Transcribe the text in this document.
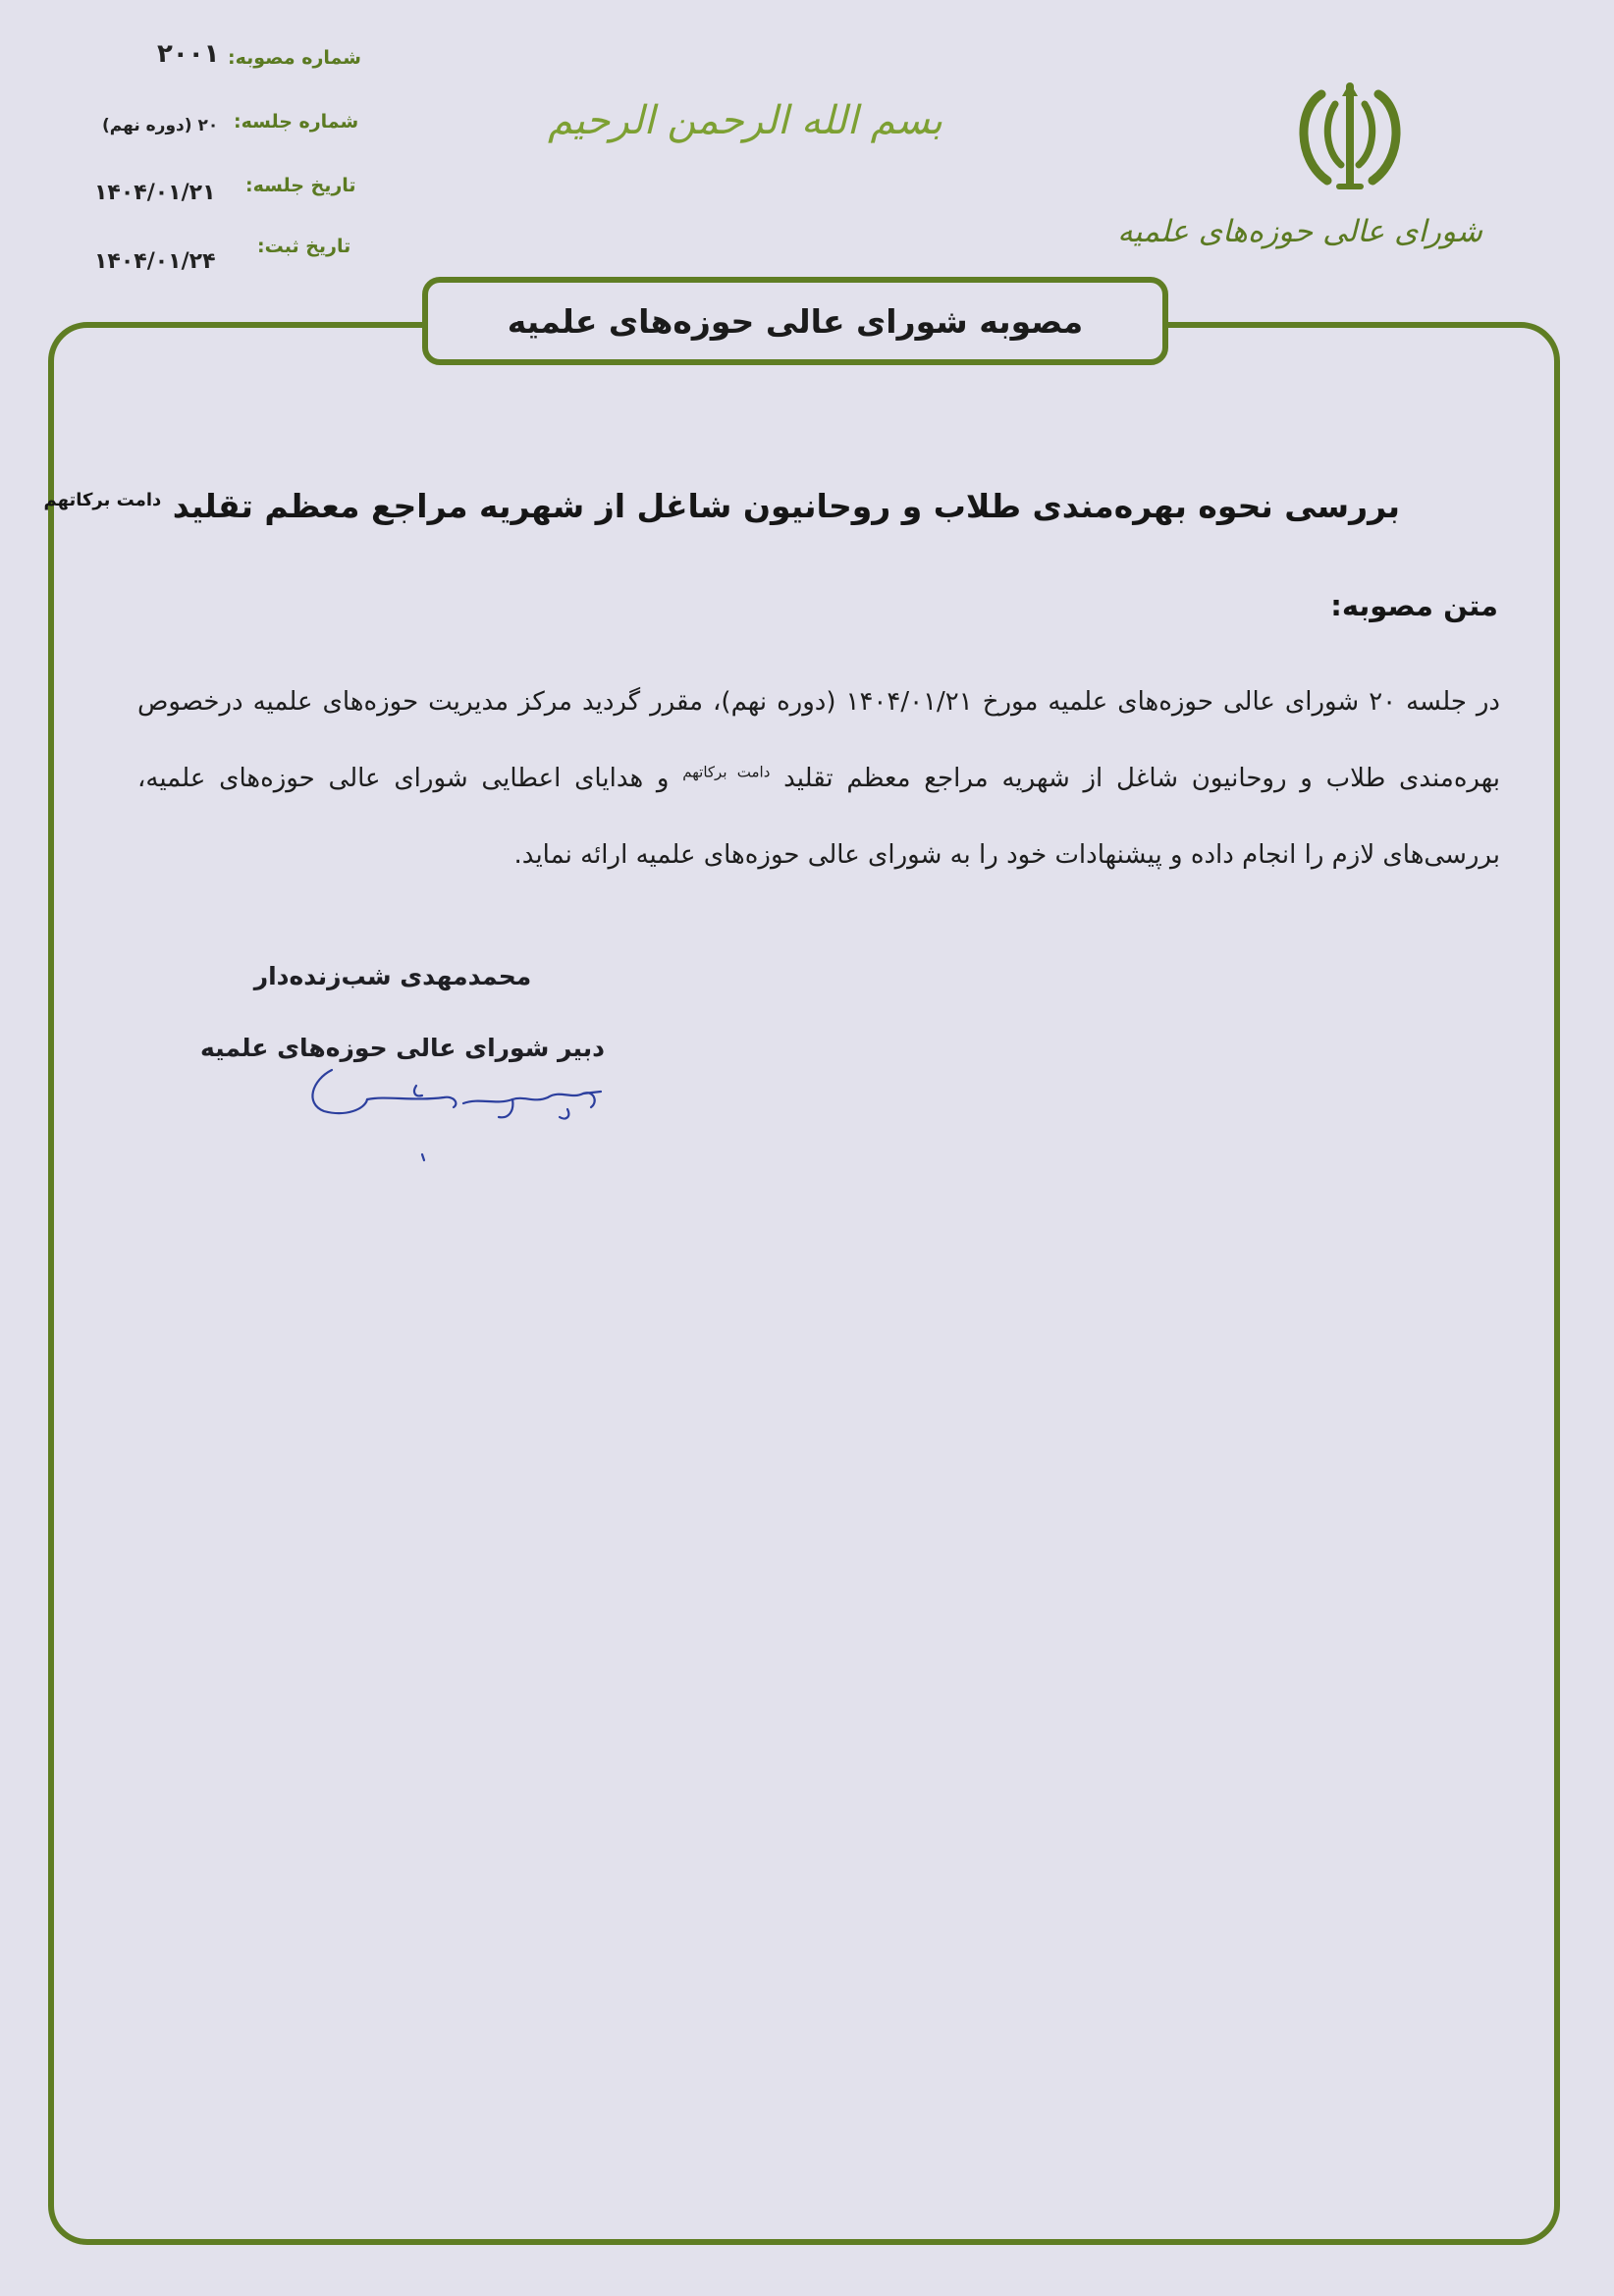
شماره مصوبه:
۲۰۰۱
شماره جلسه:
۲۰ (دوره نهم)
تاریخ جلسه:
۱۴۰۴/۰۱/۲۱
تاریخ ثبت:
۱۴۰۴/۰۱/۲۴
بسم الله الرحمن الرحیم
شورای عالی حوزه‌های علمیه
مصوبه شورای عالی حوزه‌های علمیه
بررسی نحوه بهره‌مندی طلاب و روحانیون شاغل از شهریه مراجع معظم تقلید $^{دامت برکاتهم}$
متن مصوبه:
در جلسه ۲۰ شورای عالی حوزه‌های علمیه مورخ ۱۴۰۴/۰۱/۲۱ (دوره نهم)، مقرر گردید مرکز مدیریت حوزه‌های علمیه درخصوص بهره‌مندی طلاب و روحانیون شاغل از شهریه مراجع معظم تقلید $^{دامت برکاتهم}$ و هدایای اعطایی شورای عالی حوزه‌های علمیه، بررسی‌های لازم را انجام داده و پیشنهادات خود را به شورای عالی حوزه‌های علمیه ارائه نماید.
محمدمهدی شب‌زنده‌دار
دبیر شورای عالی حوزه‌های علمیه
